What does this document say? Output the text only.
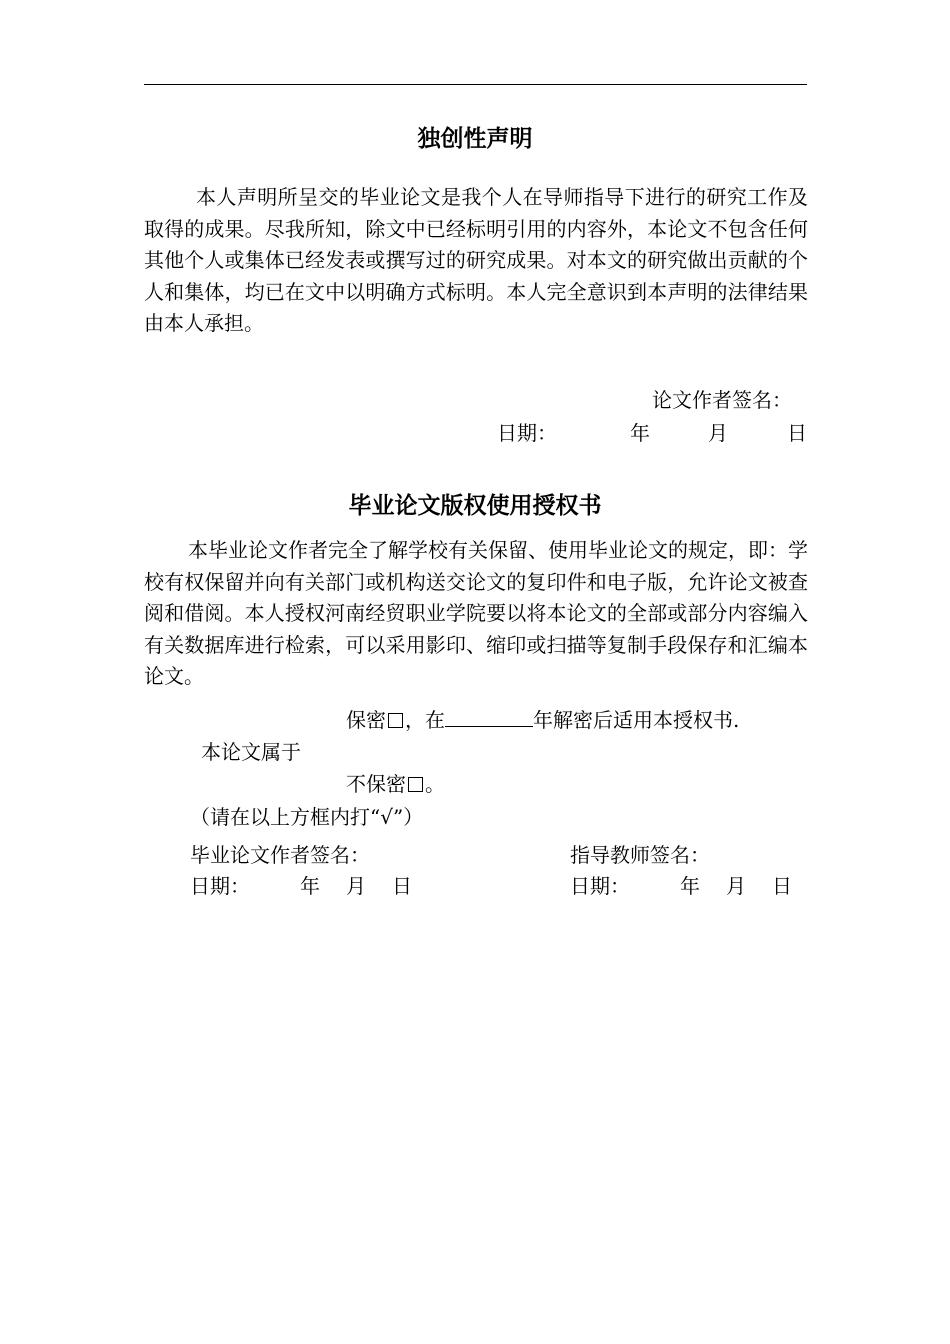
独创性声明

本人声明所呈交的毕业论文是我个人在导师指导下进行的研究工作及取得的成果。尽我所知，除文中已经标明引用的内容外，本论文不包含任何其他个人或集体已经发表或撰写过的研究成果。对本文的研究做出贡献的个人和集体，均已在文中以明确方式标明。本人完全意识到本声明的法律结果由本人承担。

论文作者签名：
日期：	年	月	日
毕业论文版权使用授权书

本毕业论文作者完全了解学校有关保留、使用毕业论文的规定，即：学校有权保留并向有关部门或机构送交论文的复印件和电子版，允许论文被查阅和借阅。本人授权河南经贸职业学院要以将本论文的全部或部分内容编入有关数据库进行检索，可以采用影印、缩印或扫描等复制手段保存和汇编本论文。

保密 ，在	年解密后适用本授权书.
本论文属于
不保密 。
（请在以上方框内打“√”）
毕业论文作者签名：	指导教师签名：
日期：	年 月 日	日期：	年 月 日
